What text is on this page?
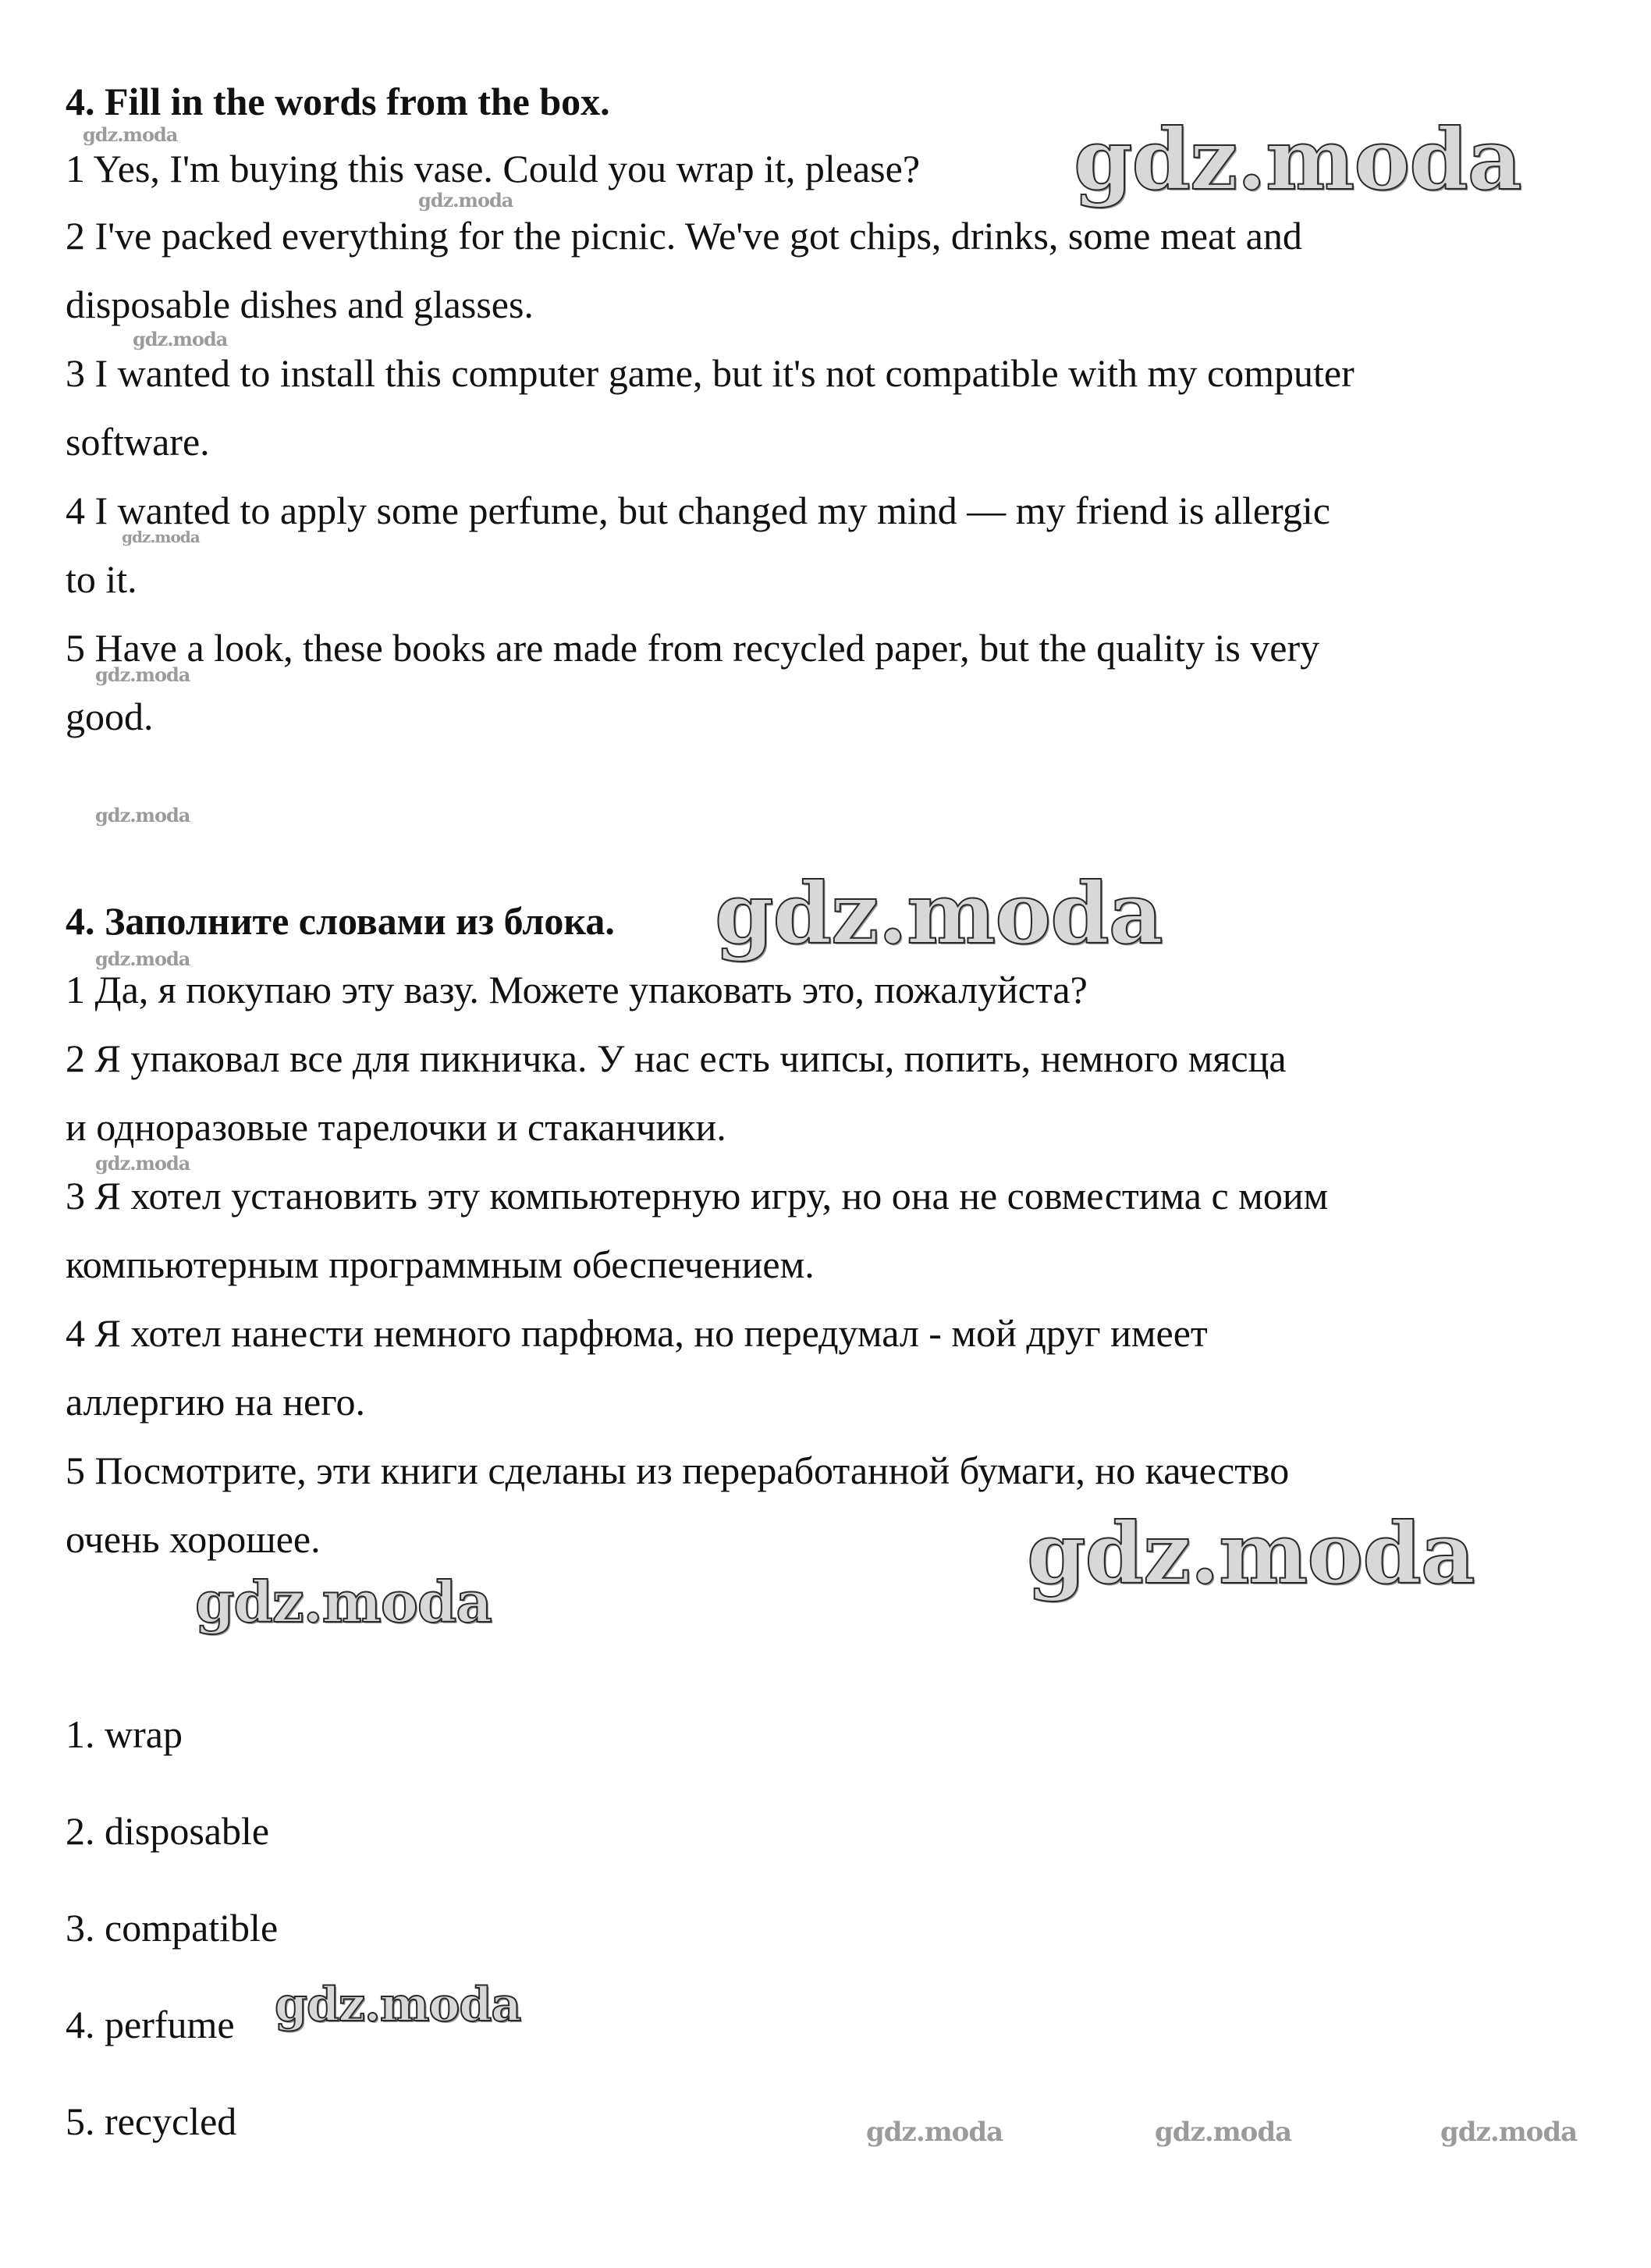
4. Fill in the words from the box.
1 Yes, I'm buying this vase. Could you wrap it, please?
2 I've packed everything for the picnic. We've got chips, drinks, some meat and
disposable dishes and glasses.
3 I wanted to install this computer game, but it's not compatible with my computer
software.
4 I wanted to apply some perfume, but changed my mind — my friend is allergic
to it.
5 Have a look, these books are made from recycled paper, but the quality is very
good.
4. Заполните словами из блока.
1 Да, я покупаю эту вазу. Можете упаковать это, пожалуйста?
2 Я упаковал все для пикничка. У нас есть чипсы, попить, немного мясца
и одноразовые тарелочки и стаканчики.
3 Я хотел установить эту компьютерную игру, но она не совместима с моим
компьютерным программным обеспечением.
4 Я хотел нанести немного парфюма, но передумал - мой друг имеет
аллергию на него.
5 Посмотрите, эти книги сделаны из переработанной бумаги, но качество
очень хорошее.
1. wrap
2. disposable
3. compatible
4. perfume
5. recycled
gdz.moda
gdz.moda
gdz.moda
gdz.moda
gdz.moda
gdz.moda
gdz.moda
gdz.moda
gdz.moda	gdz.moda	gdz.moda
gdz.moda
gdz.moda
gdz.moda
gdz.moda
gdz.moda
